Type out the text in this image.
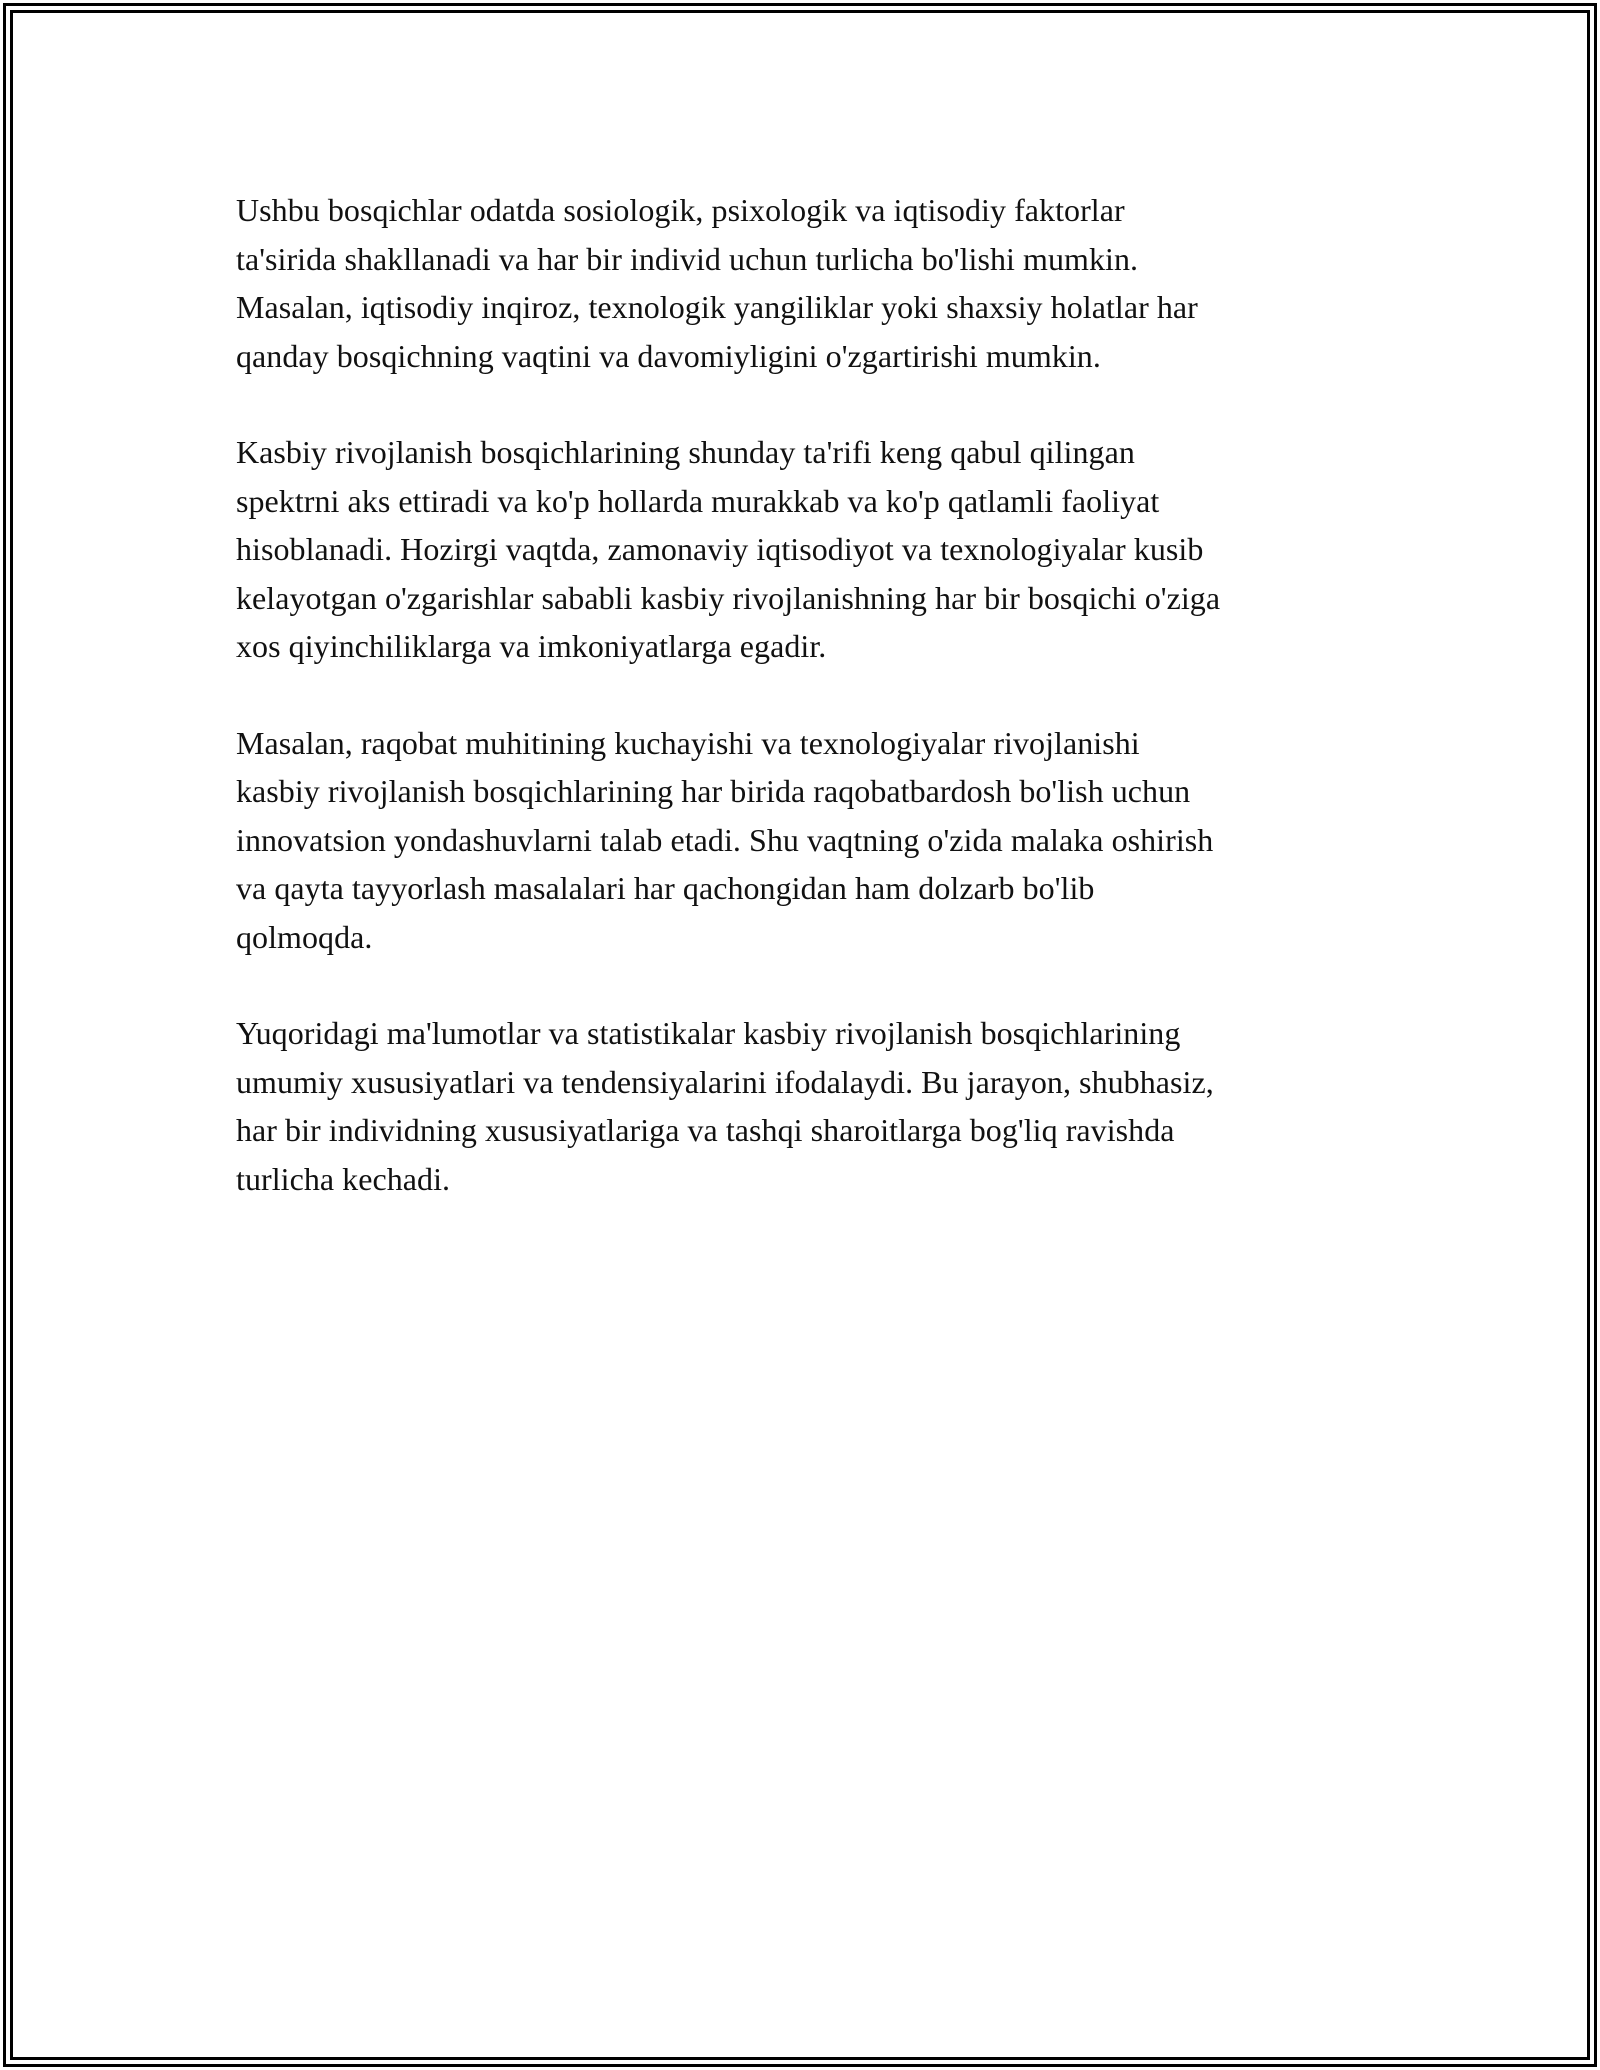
Ushbu bosqichlar odatda sosiologik, psixologik va iqtisodiy faktorlar
ta'sirida shakllanadi va har bir individ uchun turlicha bo'lishi mumkin.
Masalan, iqtisodiy inqiroz, texnologik yangiliklar yoki shaxsiy holatlar har
qanday bosqichning vaqtini va davomiyligini o'zgartirishi mumkin.

Kasbiy rivojlanish bosqichlarining shunday ta'rifi keng qabul qilingan
spektrni aks ettiradi va ko'p hollarda murakkab va ko'p qatlamli faoliyat
hisoblanadi. Hozirgi vaqtda, zamonaviy iqtisodiyot va texnologiyalar kusib
kelayotgan o'zgarishlar sababli kasbiy rivojlanishning har bir bosqichi o'ziga
xos qiyinchiliklarga va imkoniyatlarga egadir.

Masalan, raqobat muhitining kuchayishi va texnologiyalar rivojlanishi
kasbiy rivojlanish bosqichlarining har birida raqobatbardosh bo'lish uchun
innovatsion yondashuvlarni talab etadi. Shu vaqtning o'zida malaka oshirish
va qayta tayyorlash masalalari har qachongidan ham dolzarb bo'lib
qolmoqda.

Yuqoridagi ma'lumotlar va statistikalar kasbiy rivojlanish bosqichlarining
umumiy xususiyatlari va tendensiyalarini ifodalaydi. Bu jarayon, shubhasiz,
har bir individning xususiyatlariga va tashqi sharoitlarga bog'liq ravishda
turlicha kechadi.
